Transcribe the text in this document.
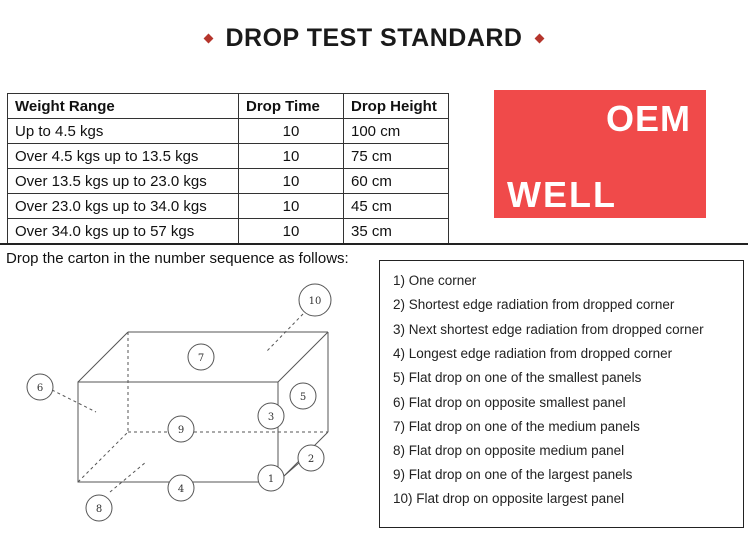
DROP TEST STANDARD
Weight Range	Drop Time	Drop Height
Up to 4.5 kgs	10	100 cm
Over 4.5 kgs up to 13.5 kgs	10	75 cm
Over 13.5 kgs up to 23.0 kgs	10	60 cm
Over 23.0 kgs up to 34.0 kgs	10	45 cm
Over 34.0 kgs up to 57 kgs	10	35 cm
OEM
WELL
Drop the carton in the number sequence as follows:
1
2
3
4
5
6
7
8
9
10
1) One corner
2) Shortest edge radiation from dropped corner
3) Next shortest edge radiation from dropped corner
4) Longest edge radiation from dropped corner
5) Flat drop on one of the smallest panels
6) Flat drop on opposite smallest panel
7) Flat drop on one of the medium panels
8) Flat drop on opposite medium panel
9) Flat drop on one of the largest panels
10) Flat drop on opposite largest panel
